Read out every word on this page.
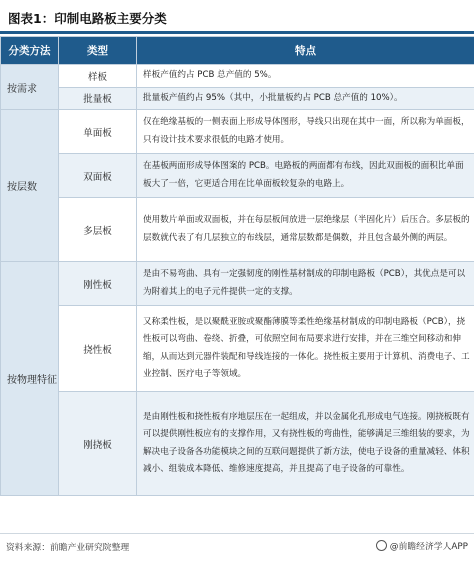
图表1：印制电路板主要分类
分类方法	类型	特点
按需求	样板	样板产值约占 PCB 总产值的 5%。
	批量板	批量板产值约占 95%（其中，小批量板约占 PCB 总产值的 10%）。
按层数	单面板	仅在绝缘基板的一侧表面上形成导体图形，导线只出现在其中一面，所以称为单面板，只有设计技术要求很低的电路才使用。
	双面板	在基板两面形成导体图案的 PCB。电路板的两面都有布线，因此双面板的面积比单面板大了一倍，它更适合用在比单面板较复杂的电路上。
	多层板	使用数片单面或双面板，并在每层板间放进一层绝缘层（半固化片）后压合。多层板的层数就代表了有几层独立的布线层，通常层数都是偶数，并且包含最外侧的两层。
按物理特征	刚性板	是由不易弯曲、具有一定强韧度的刚性基材制成的印制电路板（PCB），其优点是可以为附着其上的电子元件提供一定的支撑。
	挠性板	又称柔性板，是以聚酰亚胺或聚酯薄膜等柔性绝缘基材制成的印制电路板（PCB），挠性板可以弯曲、卷绕、折叠，可依照空间布局要求进行安排，并在三维空间移动和伸缩，从而达到元器件装配和导线连接的一体化。挠性板主要用于计算机、消费电子、工业控制、医疗电子等领域。
	刚挠板	是由刚性板和挠性板有序地层压在一起组成，并以金属化孔形成电气连接。刚挠板既有可以提供刚性板应有的支撑作用，又有挠性板的弯曲性，能够满足三维组装的要求，为解决电子设备各功能模块之间的互联问题提供了新方法，使电子设备的重量减轻、体积减小、组装成本降低、维修速度提高，并且提高了电子设备的可靠性。
资料来源：前瞻产业研究院整理	@前瞻经济学人APP
